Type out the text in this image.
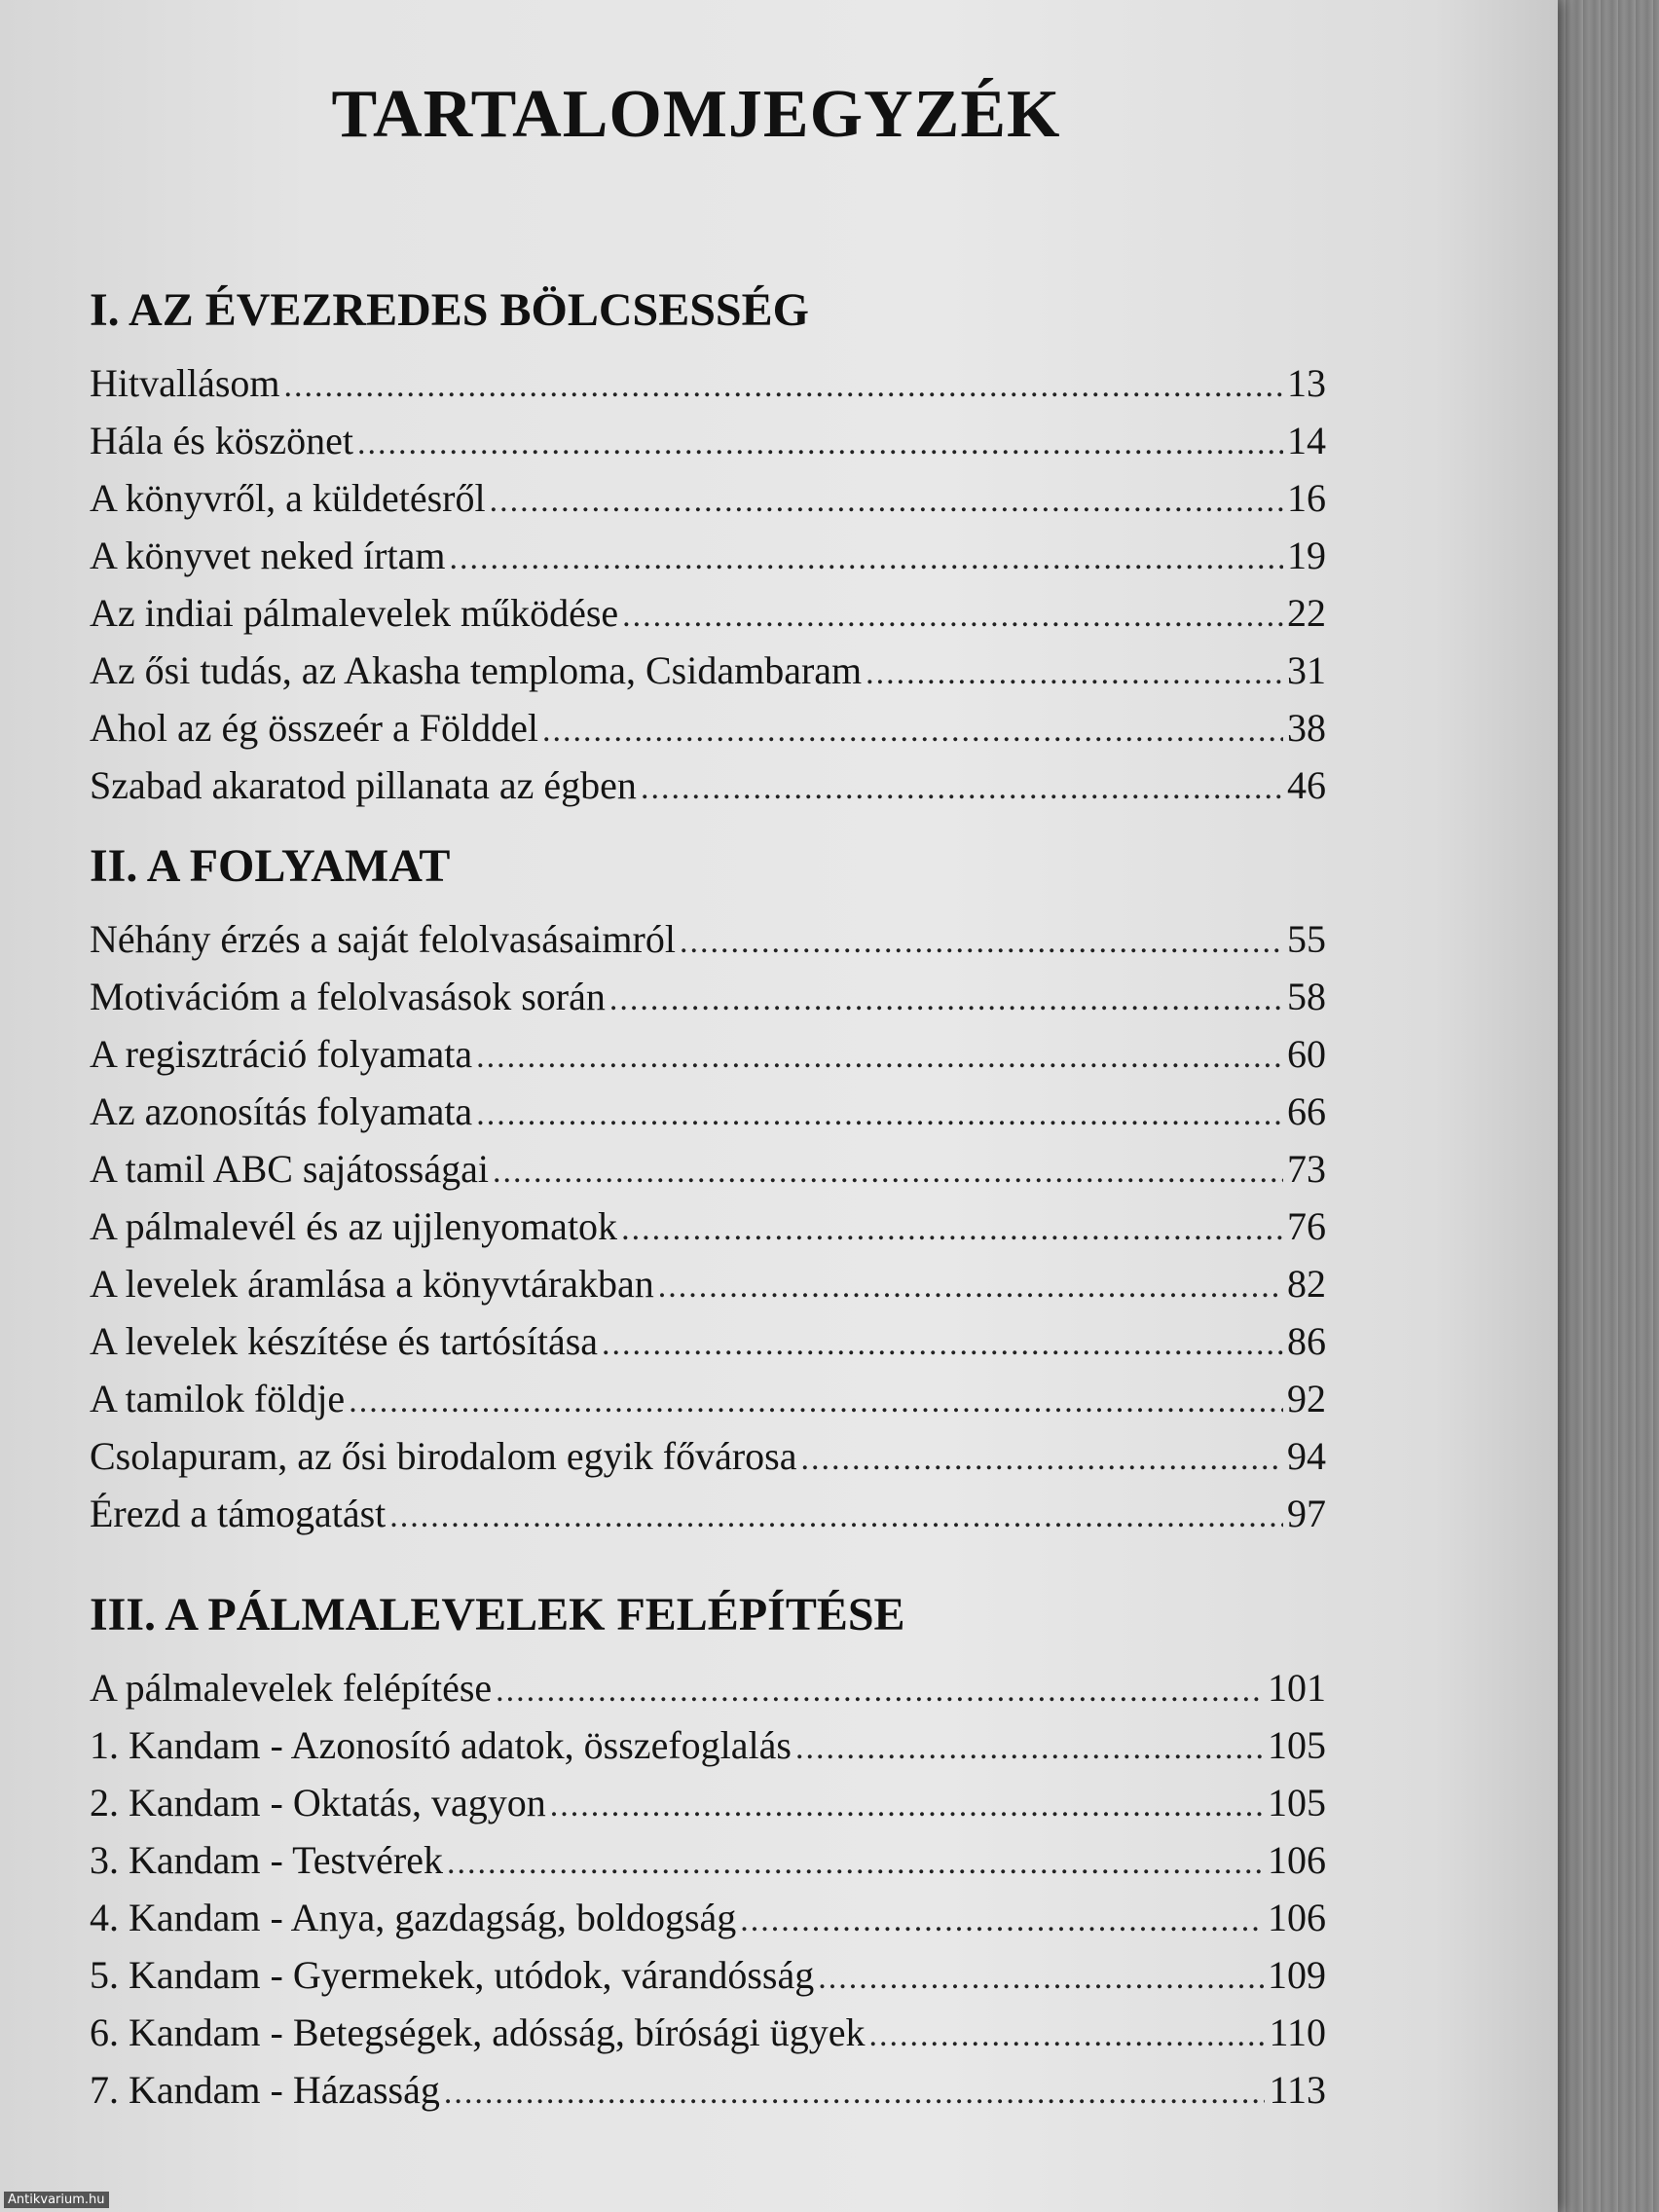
TARTALOMJEGYZÉK
I. AZ ÉVEZREDES BÖLCSESSÉG
Hitvallásom .....	13
Hála és köszönet .....	14
A könyvről, a küldetésről .....	16
A könyvet neked írtam .....	19
Az indiai pálmalevelek működése .....	22
Az ősi tudás, az Akasha temploma, Csidambaram .....	31
Ahol az ég összeér a Földdel .....	38
Szabad akaratod pillanata az égben .....	46
II. A FOLYAMAT
Néhány érzés a saját felolvasásaimról .....	55
Motivációm a felolvasások során .....	58
A regisztráció folyamata .....	60
Az azonosítás folyamata .....	66
A tamil ABC sajátosságai .....	73
A pálmalevél és az ujjlenyomatok .....	76
A levelek áramlása a könyvtárakban .....	82
A levelek készítése és tartósítása .....	86
A tamilok földje .....	92
Csolapuram, az ősi birodalom egyik fővárosa .....	94
Érezd a támogatást .....	97
III. A PÁLMALEVELEK FELÉPÍTÉSE
A pálmalevelek felépítése .....	101
1. Kandam - Azonosító adatok, összefoglalás .....	105
2. Kandam - Oktatás, vagyon .....	105
3. Kandam - Testvérek .....	106
4. Kandam - Anya, gazdagság, boldogság .....	106
5. Kandam - Gyermekek, utódok, várandósság .....	109
6. Kandam - Betegségek, adósság, bírósági ügyek .....	110
7. Kandam - Házasság .....	113
Antikvarium.hu
